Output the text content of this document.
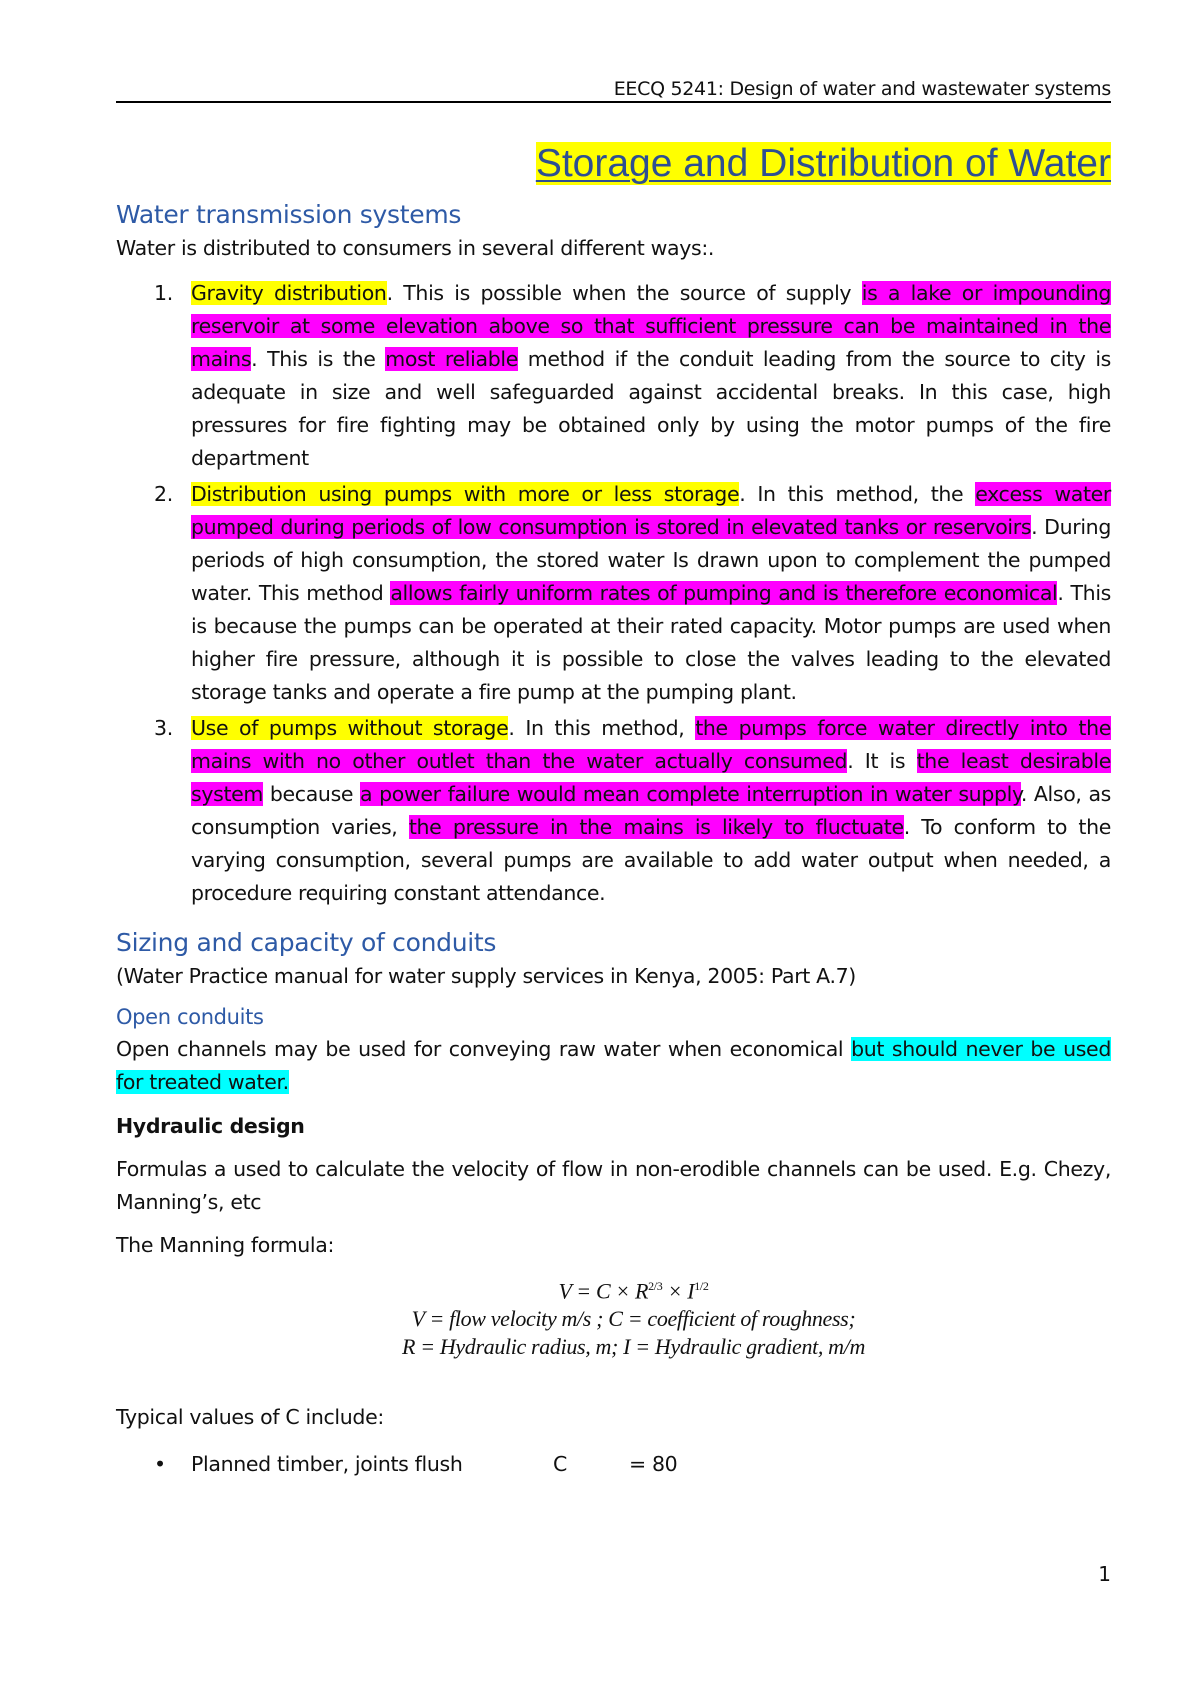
EECQ 5241: Design of water and wastewater systems
Storage and Distribution of Water
Water transmission systems

Water is distributed to consumers in several different ways:.

1. Gravity distribution. This is possible when the source of supply is a lake or impounding reservoir at some elevation above so that sufficient pressure can be maintained in the mains. This is the most reliable method if the conduit leading from the source to city is adequate in size and well safeguarded against accidental breaks. In this case, high pressures for fire fighting may be obtained only by using the motor pumps of the fire department
2. Distribution using pumps with more or less storage. In this method, the excess water pumped during periods of low consumption is stored in elevated tanks or reservoirs. During periods of high consumption, the stored water Is drawn upon to complement the pumped water. This method allows fairly uniform rates of pumping and is therefore economical. This is because the pumps can be operated at their rated capacity. Motor pumps are used when higher fire pressure, although it is possible to close the valves leading to the elevated storage tanks and operate a fire pump at the pumping plant.
3. Use of pumps without storage. In this method, the pumps force water directly into the mains with no other outlet than the water actually consumed. It is the least desirable system because a power failure would mean complete interruption in water supply. Also, as consumption varies, the pressure in the mains is likely to fluctuate. To conform to the varying consumption, several pumps are available to add water output when needed, a procedure requiring constant attendance.
Sizing and capacity of conduits

(Water Practice manual for water supply services in Kenya, 2005: Part A.7)

Open conduits

Open channels may be used for conveying raw water when economical but should never be used for treated water.

Hydraulic design

Formulas a used to calculate the velocity of flow in non-erodible channels can be used. E.g. Chezy, Manning’s, etc

The Manning formula:

$V = C \times R^{2/3} \times I^{1/2}$
V = flow velocity m/s ; C = coefficient of roughness;
R = Hydraulic radius, m; I = Hydraulic gradient, m/m

Typical values of C include:

• Planned timber, joints flush	C	= 80
1
